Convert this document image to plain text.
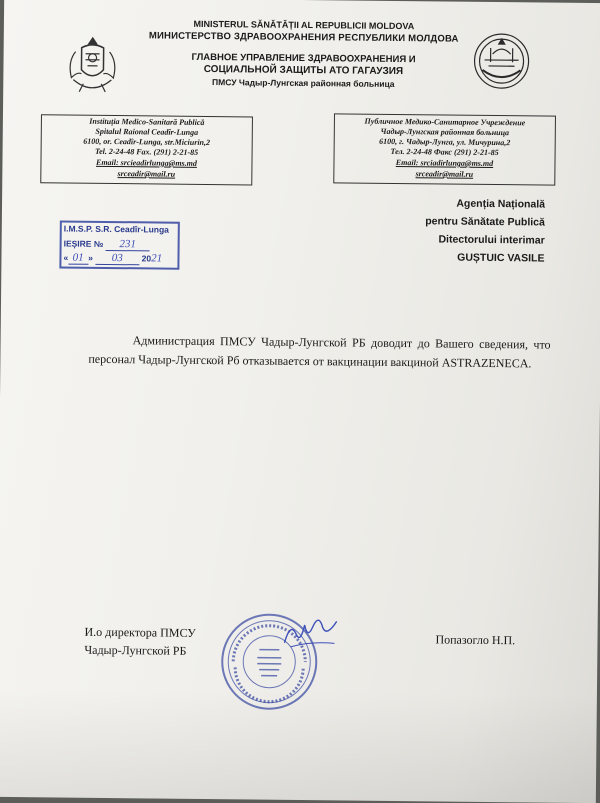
MINISTERUL SĂNĂTĂȚII AL REPUBLICII MOLDOVA
МИНИСТЕРСТВО ЗДРАВООХРАНЕНИЯ РЕСПУБЛИКИ МОЛДОВА
ГЛАВНОЕ УПРАВЛЕНИЕ ЗДРАВООХРАНЕНИЯ И
СОЦИАЛЬНОЙ ЗАЩИТЫ АТО ГАГАУЗИЯ
ПМСУ Чадыр-Лунгская районная больница
Instituția Medico-Sanitară Publică
Spitalul Raional Ceadîr-Lunga
6100, or. Ceadîr-Lunga, str.Miciurin,2
Tel. 2-24-48 Fax. (291) 2-21-85
Email: srcieadirlunga@ms.md
srceadir@mail.ru
Публичное Медико-Санитарное Учреждение
Чадыр-Лунгская районная больница
6100, г. Чадыр-Лунга, ул. Мичурина,2
Тел. 2-24-48 Факс (291) 2-21-85
Email: srciadirlunga@ms.md
srceadir@mail.ru
Agenția Națională
pentru Sănătate Publică
Ditectorului interimar
GUȘTUIC VASILE
I.M.S.P. S.R. Ceadîr-Lunga
IEȘIRE № 231
« 01 » 03 2021
Администрация ПМСУ Чадыр-Лунгской РБ доводит до Вашего сведения, что персонал Чадыр-Лунгской Рб отказывается от вакцинации вакциной ASTRAZENECA.
И.о директора ПМСУ
Чадыр-Лунгской РБ
Попазогло Н.П.
